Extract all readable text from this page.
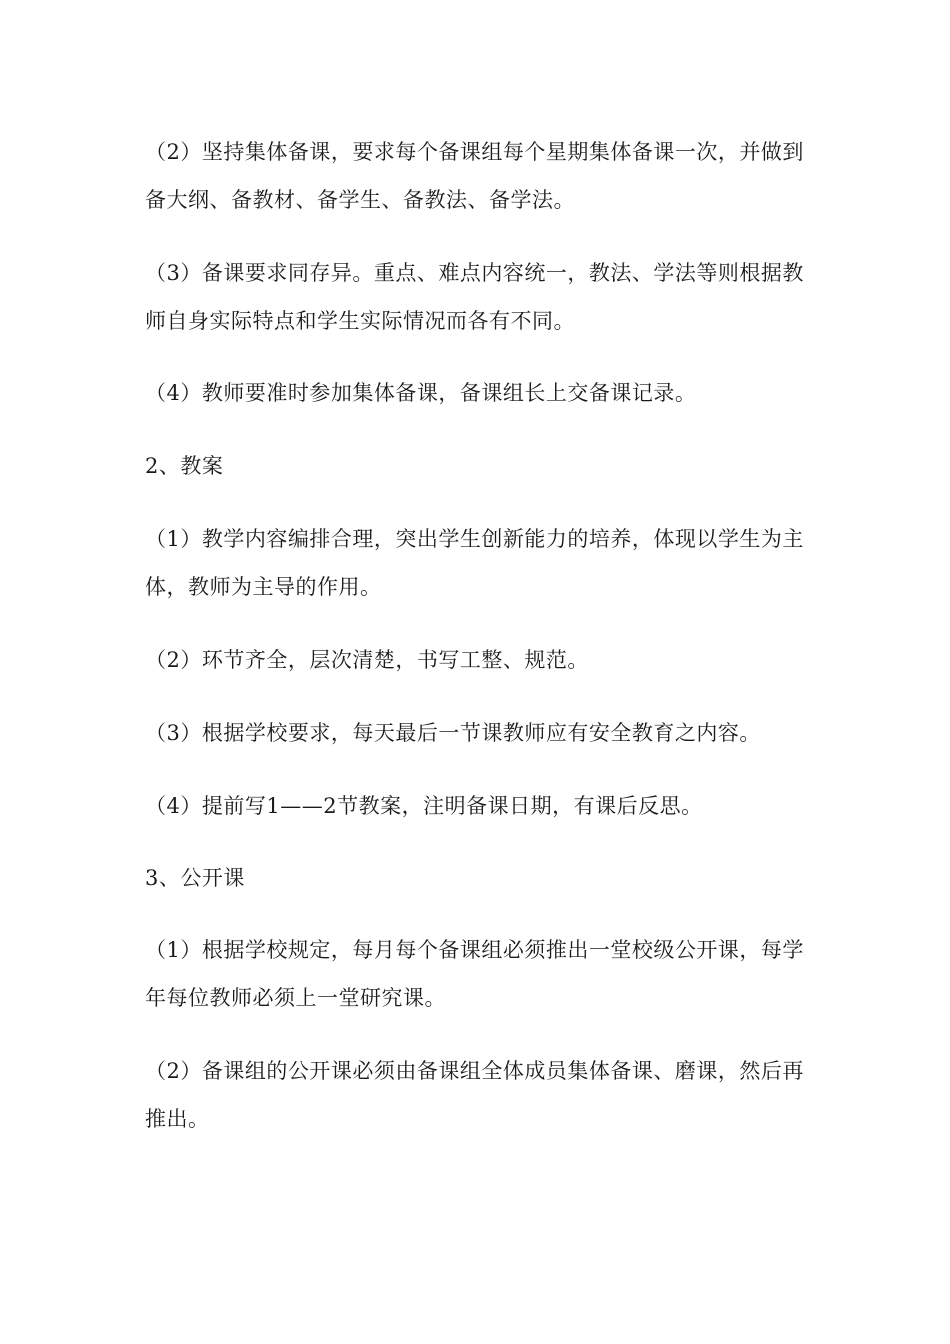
（2）坚持集体备课，要求每个备课组每个星期集体备课一次，并做到备大纲、备教材、备学生、备教法、备学法。

（3）备课要求同存异。重点、难点内容统一，教法、学法等则根据教师自身实际特点和学生实际情况而各有不同。

（4）教师要准时参加集体备课，备课组长上交备课记录。

2、教案

（1）教学内容编排合理，突出学生创新能力的培养，体现以学生为主体，教师为主导的作用。

（2）环节齐全，层次清楚，书写工整、规范。

（3）根据学校要求，每天最后一节课教师应有安全教育之内容。

（4）提前写1——2节教案，注明备课日期，有课后反思。

3、公开课

（1）根据学校规定，每月每个备课组必须推出一堂校级公开课，每学年每位教师必须上一堂研究课。

（2）备课组的公开课必须由备课组全体成员集体备课、磨课，然后再推出。
